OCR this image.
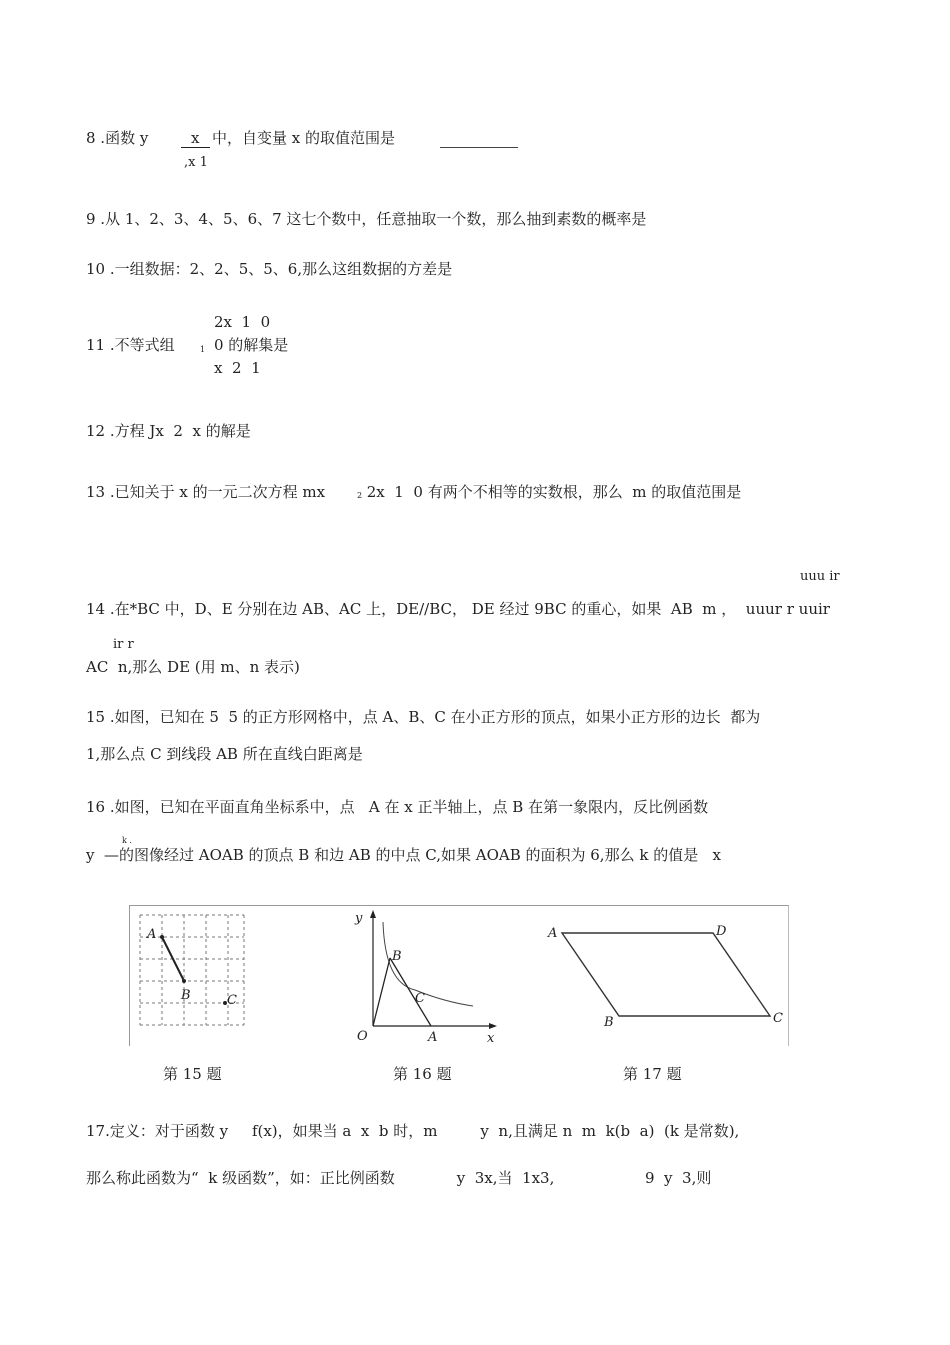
8 .函数 y	x 中，自变量 x 的取值范围是
,x 1
9 .从 1、2、3、4、5、6、7 这七个数中，任意抽取一个数，那么抽到素数的概率是
10 .一组数据：2、2、5、5、6,那么这组数据的方差是
2x  1  0
11 .不等式组	1 0 的解集是
x  2  1
12 .方程 Jx  2  x 的解是
13 .已知关于 x 的一元二次方程 mx	2 2x  1  0 有两个不相等的实数根，那么  m 的取值范围是
uuu ir
14 .在*BC 中，D、E 分别在边 AB、AC 上，DE//BC， DE 经过 9BC 的重心，如果  AB  m ，  uuur r uuir
ir r
AC  n,那么 DE (用 m、n 表示)
15 .如图，已知在 5  5 的正方形网格中，点 A、B、C 在小正方形的顶点，如果小正方形的边长  都为
1,那么点 C 到线段 AB 所在直线白距离是
16 .如图，已知在平面直角坐标系中，点   A 在 x 正半轴上，点 B 在第一象限内，反比例函数
k .
y  —的图像经过 AOAB 的顶点 B 和边 AB 的中点 C,如果 AOAB 的面积为 6,那么 k 的值是   x
A
B	C
y
x
O	A
B
C
A	D
B	C
第 15 题	第 16 题	第 17 题
17.定义：对于函数 y     f(x)，如果当 a  x  b 时，m         y  n,且满足 n  m  k(b  a)  (k 是常数),
那么称此函数为“  k 级函数”，如：正比例函数             y  3x,当  1x3,                   9  y  3,则
